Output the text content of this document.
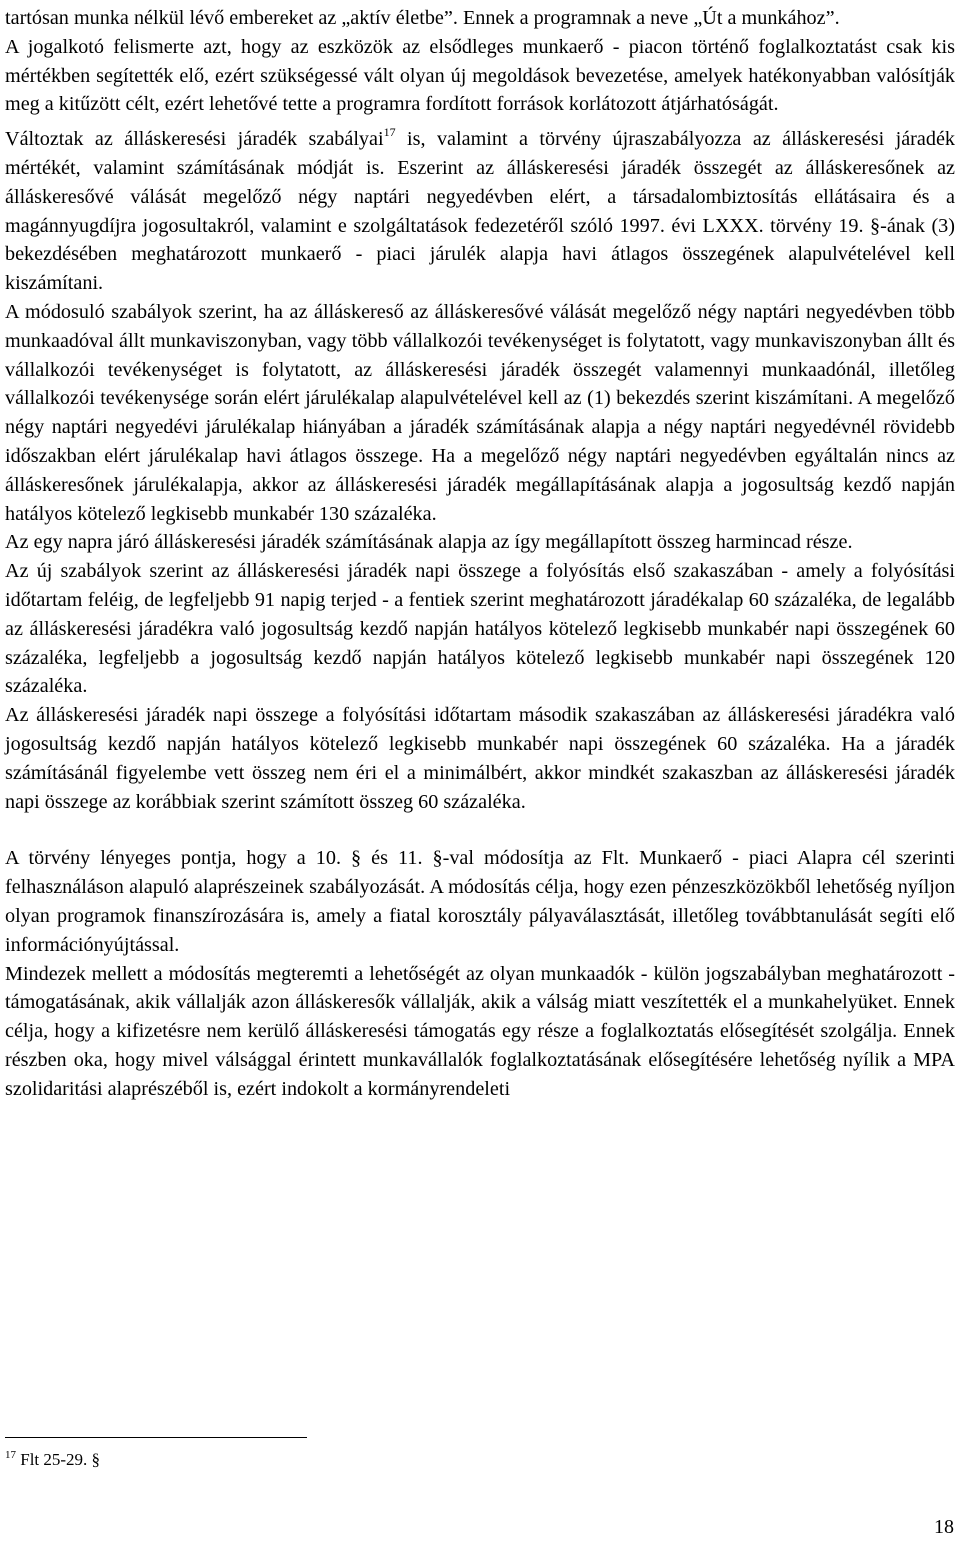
tartósan munka nélkül lévő embereket az „aktív életbe”. Ennek a programnak a neve „Út a munkához”.

A jogalkotó felismerte azt, hogy az eszközök az elsődleges munkaerő - piacon történő foglalkoztatást csak kis mértékben segítették elő, ezért szükségessé vált olyan új megoldások bevezetése, amelyek hatékonyabban valósítják meg a kitűzött célt, ezért lehetővé tette a programra fordított források korlátozott átjárhatóságát.

Változtak az álláskeresési járadék szabályai$^{17}$ is, valamint a törvény újraszabályozza az álláskeresési járadék mértékét, valamint számításának módját is. Eszerint az álláskeresési járadék összegét az álláskeresőnek az álláskeresővé válását megelőző négy naptári negyedévben elért, a társadalombiztosítás ellátásaira és a magánnyugdíjra jogosultakról, valamint e szolgáltatások fedezetéről szóló 1997. évi LXXX. törvény 19. §-ának (3) bekezdésében meghatározott munkaerő - piaci járulék alapja havi átlagos összegének alapulvételével kell kiszámítani.

A módosuló szabályok szerint, ha az álláskereső az álláskeresővé válását megelőző négy naptári negyedévben több munkaadóval állt munkaviszonyban, vagy több vállalkozói tevékenységet is folytatott, vagy munkaviszonyban állt és vállalkozói tevékenységet is folytatott, az álláskeresési járadék összegét valamennyi munkaadónál, illetőleg vállalkozói tevékenysége során elért járulékalap alapulvételével kell az (1) bekezdés szerint kiszámítani. A megelőző négy naptári negyedévi járulékalap hiányában a járadék számításának alapja a négy naptári negyedévnél rövidebb időszakban elért járulékalap havi átlagos összege. Ha a megelőző négy naptári negyedévben egyáltalán nincs az álláskeresőnek járulékalapja, akkor az álláskeresési járadék megállapításának alapja a jogosultság kezdő napján hatályos kötelező legkisebb munkabér 130 százaléka.

Az egy napra járó álláskeresési járadék számításának alapja az így megállapított összeg harmincad része.

Az új szabályok szerint az álláskeresési járadék napi összege a folyósítás első szakaszában - amely a folyósítási időtartam feléig, de legfeljebb 91 napig terjed - a fentiek szerint meghatározott járadékalap 60 százaléka, de legalább az álláskeresési járadékra való jogosultság kezdő napján hatályos kötelező legkisebb munkabér napi összegének 60 százaléka, legfeljebb a jogosultság kezdő napján hatályos kötelező legkisebb munkabér napi összegének 120 százaléka.

Az álláskeresési járadék napi összege a folyósítási időtartam második szakaszában az álláskeresési járadékra való jogosultság kezdő napján hatályos kötelező legkisebb munkabér napi összegének 60 százaléka. Ha a járadék számításánál figyelembe vett összeg nem éri el a minimálbért, akkor mindkét szakaszban az álláskeresési járadék napi összege az korábbiak szerint számított összeg 60 százaléka.

A törvény lényeges pontja, hogy a 10. § és 11. §-val módosítja az Flt. Munkaerő - piaci Alapra cél szerinti felhasználáson alapuló alaprészeinek szabályozását. A módosítás célja, hogy ezen pénzeszközökből lehetőség nyíljon olyan programok finanszírozására is, amely a fiatal korosztály pályaválasztását, illetőleg továbbtanulását segíti elő információnyújtással.

Mindezek mellett a módosítás megteremti a lehetőségét az olyan munkaadók - külön jogszabályban meghatározott - támogatásának, akik vállalják azon álláskeresők vállalják, akik a válság miatt veszítették el a munkahelyüket. Ennek célja, hogy a kifizetésre nem kerülő álláskeresési támogatás egy része a foglalkoztatás elősegítését szolgálja. Ennek részben oka, hogy mivel válsággal érintett munkavállalók foglalkoztatásának elősegítésére lehetőség nyílik a MPA szolidaritási alaprészéből is, ezért indokolt a kormányrendeleti

$^{17}$ Flt 25-29. §
18
